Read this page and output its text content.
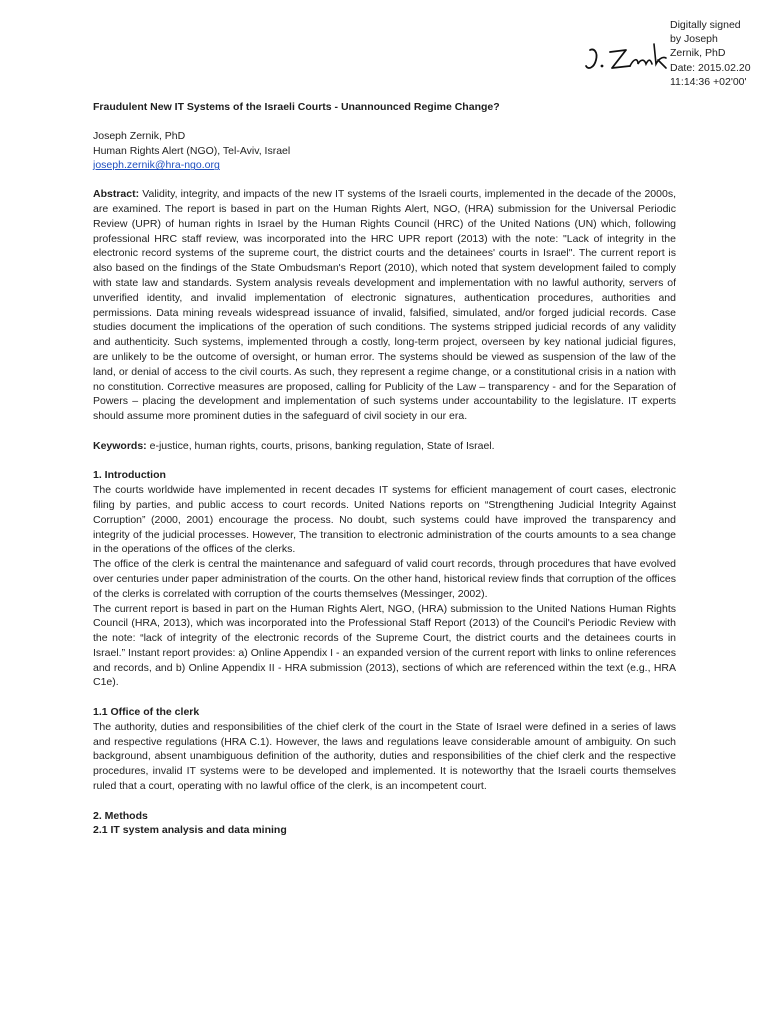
Digitally signed
by Joseph
Zernik, PhD
Date: 2015.02.20
11:14:36 +02'00'
Fraudulent New IT Systems of the Israeli Courts - Unannounced Regime Change?
Joseph Zernik, PhD
Human Rights Alert (NGO), Tel-Aviv, Israel
joseph.zernik@hra-ngo.org

Abstract: Validity, integrity, and impacts of the new IT systems of the Israeli courts, implemented in the decade of the 2000s, are examined. The report is based in part on the Human Rights Alert, NGO, (HRA) submission for the Universal Periodic Review (UPR) of human rights in Israel by the Human Rights Council (HRC) of the United Nations (UN) which, following professional HRC staff review, was incorporated into the HRC UPR report (2013) with the note: "Lack of integrity in the electronic record systems of the supreme court, the district courts and the detainees' courts in Israel". The current report is also based on the findings of the State Ombudsman's Report (2010), which noted that system development failed to comply with state law and standards. System analysis reveals development and implementation with no lawful authority, servers of unverified identity, and invalid implementation of electronic signatures, authentication procedures, authorities and permissions. Data mining reveals widespread issuance of invalid, falsified, simulated, and/or forged judicial records. Case studies document the implications of the operation of such conditions. The systems stripped judicial records of any validity and authenticity. Such systems, implemented through a costly, long-term project, overseen by key national judicial figures, are unlikely to be the outcome of oversight, or human error. The systems should be viewed as suspension of the law of the land, or denial of access to the civil courts. As such, they represent a regime change, or a constitutional crisis in a nation with no constitution. Corrective measures are proposed, calling for Publicity of the Law – transparency - and for the Separation of Powers – placing the development and implementation of such systems under accountability to the legislature. IT experts should assume more prominent duties in the safeguard of civil society in our era.

Keywords: e-justice, human rights, courts, prisons, banking regulation, State of Israel.

1. Introduction

The courts worldwide have implemented in recent decades IT systems for efficient management of court cases, electronic filing by parties, and public access to court records. United Nations reports on “Strengthening Judicial Integrity Against Corruption” (2000, 2001) encourage the process. No doubt, such systems could have improved the transparency and integrity of the judicial processes. However, The transition to electronic administration of the courts amounts to a sea change in the operations of the offices of the clerks.

The office of the clerk is central the maintenance and safeguard of valid court records, through procedures that have evolved over centuries under paper administration of the courts. On the other hand, historical review finds that corruption of the offices of the clerks is correlated with corruption of the courts themselves (Messinger, 2002).

The current report is based in part on the Human Rights Alert, NGO, (HRA) submission to the United Nations Human Rights Council (HRA, 2013), which was incorporated into the Professional Staff Report (2013) of the Council's Periodic Review with the note: “lack of integrity of the electronic records of the Supreme Court, the district courts and the detainees courts in Israel.” Instant report provides: a) Online Appendix I - an expanded version of the current report with links to online references and records, and b) Online Appendix II - HRA submission (2013), sections of which are referenced within the text (e.g., HRA C1e).

1.1 Office of the clerk

The authority, duties and responsibilities of the chief clerk of the court in the State of Israel were defined in a series of laws and respective regulations (HRA C.1). However, the laws and regulations leave considerable amount of ambiguity. On such background, absent unambiguous definition of the authority, duties and responsibilities of the chief clerk and the respective procedures, invalid IT systems were to be developed and implemented. It is noteworthy that the Israeli courts themselves ruled that a court, operating with no lawful office of the clerk, is an incompetent court.

2. Methods
2.1 IT system analysis and data mining
